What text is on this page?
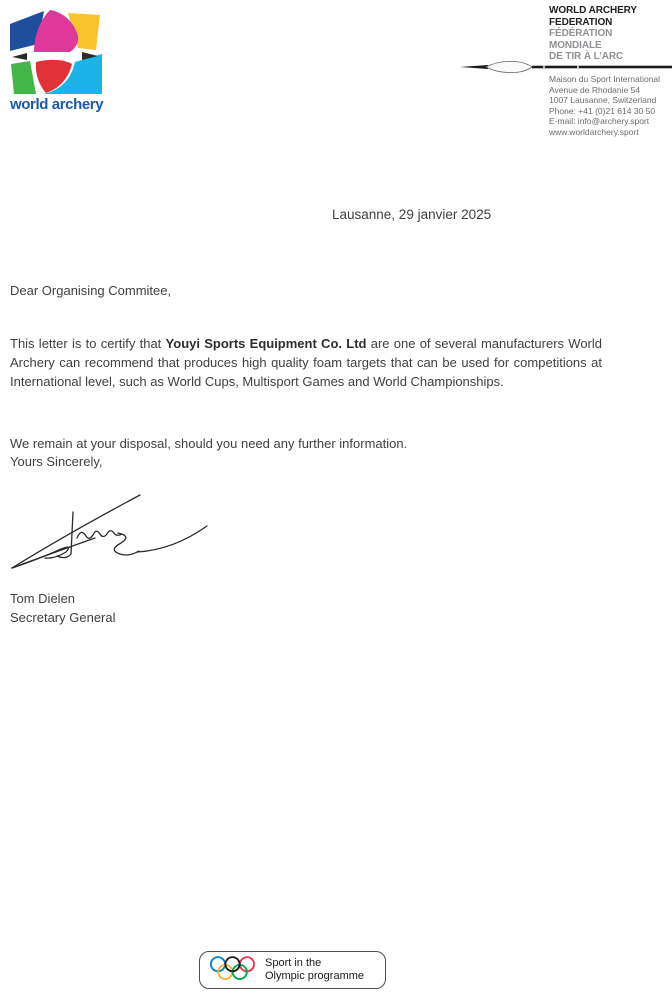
world archery
WORLD ARCHERY
FEDERATION
FÉDÉRATION
MONDIALE
DE TIR À L’ARC
Maison du Sport International
Avenue de Rhodanie 54
1007 Lausanne, Switzerland
Phone: +41 (0)21 614 30 50
E-mail: info@archery.sport
www.worldarchery.sport
Lausanne, 29 janvier 2025
Dear Organising Commitee,

This letter is to certify that Youyi Sports Equipment Co. Ltd are one of several manufacturers World Archery can recommend that produces high quality foam targets that can be used for competitions at International level, such as World Cups, Multisport Games and World Championships.

We remain at your disposal, should you need any further information.

Yours Sincerely,
Tom Dielen
Secretary General
Sport in the
Olympic programme
